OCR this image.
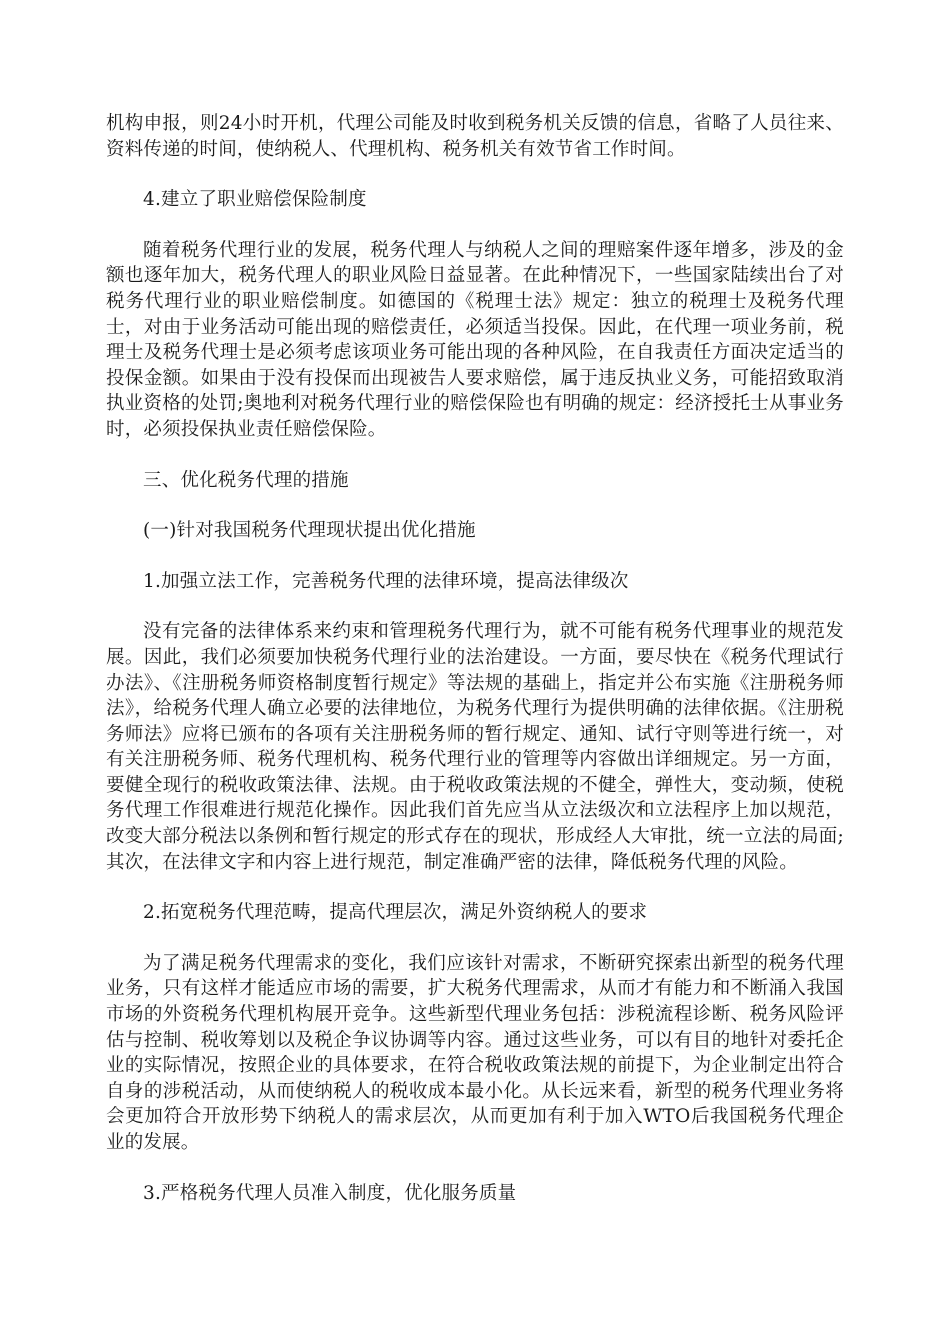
机构申报，则24小时开机，代理公司能及时收到税务机关反馈的信息，省略了人员往来、资料传递的时间，使纳税人、代理机构、税务机关有效节省工作时间。

4.建立了职业赔偿保险制度

随着税务代理行业的发展，税务代理人与纳税人之间的理赔案件逐年增多，涉及的金额也逐年加大，税务代理人的职业风险日益显著。在此种情况下，一些国家陆续出台了对税务代理行业的职业赔偿制度。如德国的《税理士法》规定：独立的税理士及税务代理士，对由于业务活动可能出现的赔偿责任，必须适当投保。因此，在代理一项业务前，税理士及税务代理士是必须考虑该项业务可能出现的各种风险，在自我责任方面决定适当的投保金额。如果由于没有投保而出现被告人要求赔偿，属于违反执业义务，可能招致取消执业资格的处罚;奥地利对税务代理行业的赔偿保险也有明确的规定：经济授托士从事业务时，必须投保执业责任赔偿保险。

三、优化税务代理的措施

(一)针对我国税务代理现状提出优化措施

1.加强立法工作，完善税务代理的法律环境，提高法律级次

没有完备的法律体系来约束和管理税务代理行为，就不可能有税务代理事业的规范发展。因此，我们必须要加快税务代理行业的法治建设。一方面，要尽快在《税务代理试行办法》、《注册税务师资格制度暂行规定》等法规的基础上，指定并公布实施《注册税务师法》，给税务代理人确立必要的法律地位，为税务代理行为提供明确的法律依据。《注册税务师法》应将已颁布的各项有关注册税务师的暂行规定、通知、试行守则等进行统一，对有关注册税务师、税务代理机构、税务代理行业的管理等内容做出详细规定。另一方面，要健全现行的税收政策法律、法规。由于税收政策法规的不健全，弹性大，变动频，使税务代理工作很难进行规范化操作。因此我们首先应当从立法级次和立法程序上加以规范，改变大部分税法以条例和暂行规定的形式存在的现状，形成经人大审批，统一立法的局面;其次，在法律文字和内容上进行规范，制定准确严密的法律，降低税务代理的风险。

2.拓宽税务代理范畴，提高代理层次，满足外资纳税人的要求

为了满足税务代理需求的变化，我们应该针对需求，不断研究探索出新型的税务代理业务，只有这样才能适应市场的需要，扩大税务代理需求，从而才有能力和不断涌入我国市场的外资税务代理机构展开竞争。这些新型代理业务包括：涉税流程诊断、税务风险评估与控制、税收筹划以及税企争议协调等内容。通过这些业务，可以有目的地针对委托企业的实际情况，按照企业的具体要求，在符合税收政策法规的前提下，为企业制定出符合自身的涉税活动，从而使纳税人的税收成本最小化。从长远来看，新型的税务代理业务将会更加符合开放形势下纳税人的需求层次，从而更加有利于加入WTO后我国税务代理企业的发展。

3.严格税务代理人员准入制度，优化服务质量
